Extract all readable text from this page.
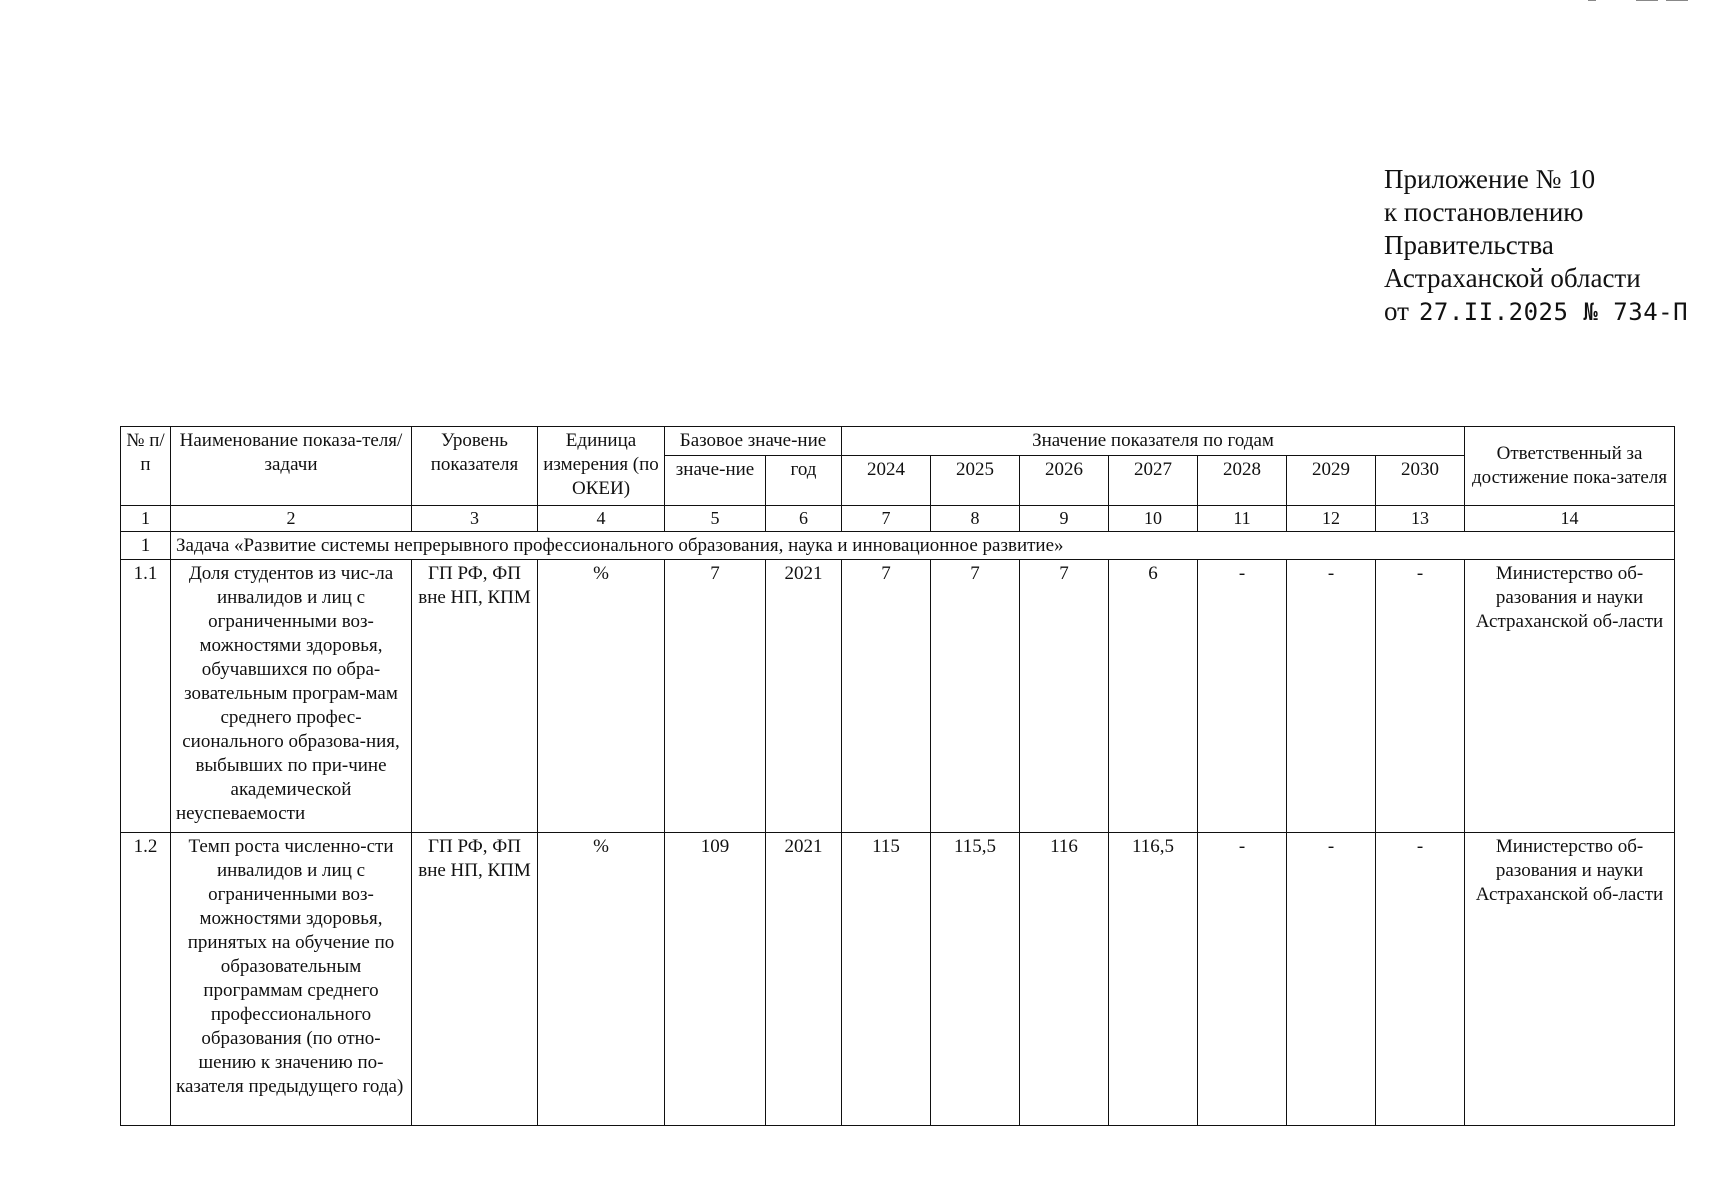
Приложение № 10
к постановлению
Правительства
Астраханской области
от 27.II.2025 № 734-П
№ п/п	Наименование показа-теля/задачи	Уровень показателя	Единица измерения (по ОКЕИ)	Базовое значе-ние		Значение показателя по годам							Ответственный за достижение пока-зателя
				значе-ние	год	2024	2025	2026	2027	2028	2029	2030	
1	2	3	4	5	6	7	8	9	10	11	12	13	14
1	Задача «Развитие системы непрерывного профессионального образования, наука и инновационное развитие»												
1.1	Доля студентов из чис-ла инвалидов и лиц с ограниченными воз-можностями здоровья, обучавшихся по обра-зовательным програм-мам среднего профес-сионального образова-ния, выбывших по при-чине академической неуспеваемости	ГП РФ, ФП вне НП, КПМ	%	7	2021	7	7	7	6	-	-	-	Министерство об-разования и науки Астраханской об-ласти
1.2	Темп роста численно-сти инвалидов и лиц с ограниченными воз-можностями здоровья, принятых на обучение по образовательным программам среднего профессионального образования (по отно-шению к значению по-казателя предыдущего года)	ГП РФ, ФП вне НП, КПМ	%	109	2021	115	115,5	116	116,5	-	-	-	Министерство об-разования и науки Астраханской об-ласти
